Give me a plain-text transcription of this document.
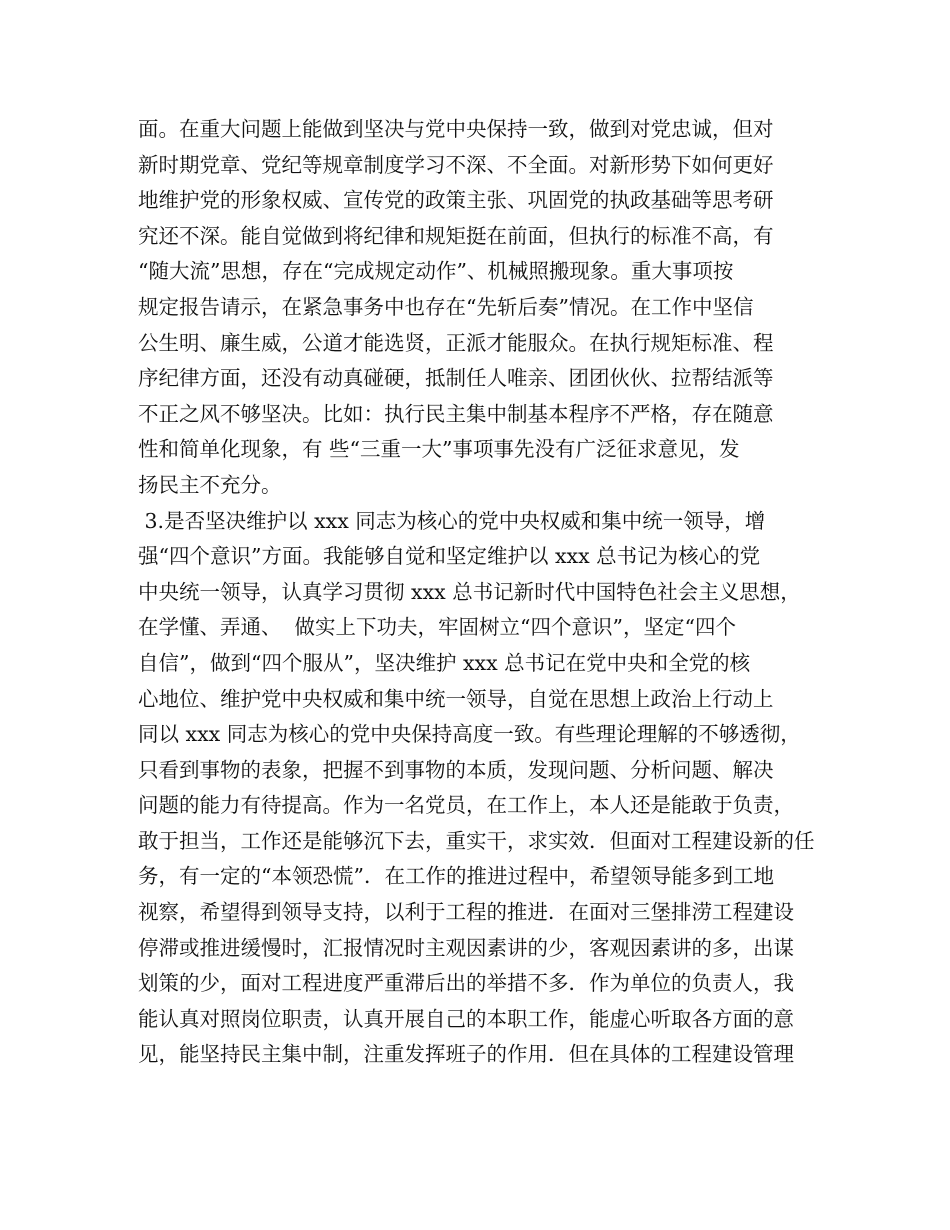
面。在重大问题上能做到坚决与党中央保持一致，做到对党忠诚，但对
新时期党章、党纪等规章制度学习不深、不全面。对新形势下如何更好
地维护党的形象权威、宣传党的政策主张、巩固党的执政基础等思考研
究还不深。能自觉做到将纪律和规矩挺在前面，但执行的标准不高，有
“随大流”思想，存在“完成规定动作”、机械照搬现象。重大事项按
规定报告请示，在紧急事务中也存在“先斩后奏”情况。在工作中坚信
公生明、廉生威，公道才能选贤，正派才能服众。在执行规矩标准、程
序纪律方面，还没有动真碰硬，抵制任人唯亲、团团伙伙、拉帮结派等
不正之风不够坚决。比如：执行民主集中制基本程序不严格，存在随意
性和简单化现象，有 些“三重一大”事项事先没有广泛征求意见，发
扬民主不充分。
3.是否坚决维护以 xxx 同志为核心的党中央权威和集中统一领导，增
强“四个意识”方面。我能够自觉和坚定维护以 xxx 总书记为核心的党
中央统一领导，认真学习贯彻 xxx 总书记新时代中国特色社会主义思想，
在学懂、弄通、  做实上下功夫，牢固树立“四个意识”，坚定“四个
自信”，做到“四个服从”，坚决维护 xxx 总书记在党中央和全党的核
心地位、维护党中央权威和集中统一领导，自觉在思想上政治上行动上
同以 xxx 同志为核心的党中央保持高度一致。有些理论理解的不够透彻，
只看到事物的表象，把握不到事物的本质，发现问题、分析问题、解决
问题的能力有待提高。作为一名党员，在工作上，本人还是能敢于负责，
敢于担当，工作还是能够沉下去，重实干，求实效．但面对工程建设新的任
务，有一定的“本领恐慌”．在工作的推进过程中，希望领导能多到工地
视察，希望得到领导支持，以利于工程的推进．在面对三堡排涝工程建设
停滞或推进缓慢时，汇报情况时主观因素讲的少，客观因素讲的多，出谋
划策的少，面对工程进度严重滞后出的举措不多．作为单位的负责人，我
能认真对照岗位职责，认真开展自己的本职工作，能虚心听取各方面的意
见，能坚持民主集中制，注重发挥班子的作用．但在具体的工程建设管理
